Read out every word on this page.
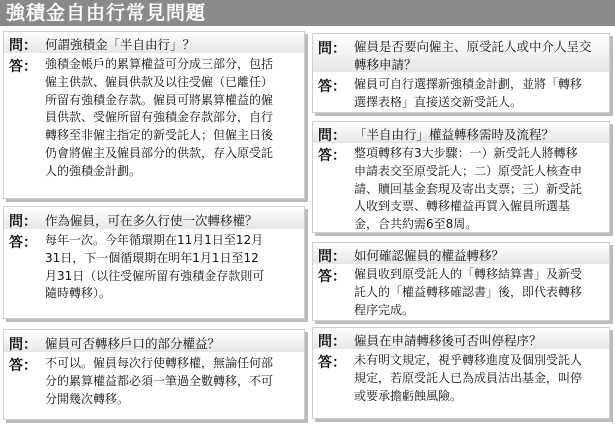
強積金自由行常見問題
問： 何謂強積金「半自由行」？
答： 強積金帳戶的累算權益可分成三部分，包括
僱主供款、僱員供款及以往受僱（已離任）
所留有強積金存款。僱員可將累算權益的僱
員供款、受僱所留有強積金存款部分，自行
轉移至非僱主指定的新受託人；但僱主日後
仍會將僱主及僱員部分的供款，存入原受託
人的強積金計劃。
問： 作為僱員，可在多久行使一次轉移權？
答： 每年一次。今年循環期在11月1日至12月
31日，下一個循環期在明年1月1日至12
月31日（以往受僱所留有強積金存款則可
隨時轉移）。
問： 僱員可否轉移戶口的部分權益？
答： 不可以。僱員每次行使轉移權，無論任何部
分的累算權益都必須一筆過全數轉移，不可
分開幾次轉移。
問： 僱員是否要向僱主、原受託人或中介人呈交
轉移申請？
答： 僱員可自行選擇新強積金計劃，並將「轉移
選擇表格」直接送交新受託人。
問： 「半自由行」權益轉移需時及流程？
答： 整項轉移有3大步驟：一）新受託人將轉移
申請表交至原受託人；二）原受託人核查申
請、贖回基金套現及寄出支票；三）新受託
人收到支票、轉移權益再買入僱員所選基
金，合共約需6至8周。
問： 如何確認僱員的權益轉移？
答： 僱員收到原受託人的「轉移結算書」及新受
託人的「權益轉移確認書」後，即代表轉移
程序完成。
問： 僱員在申請轉移後可否叫停程序？
答： 未有明文規定，視乎轉移進度及個別受託人
規定，若原受託人已為成員沽出基金，叫停
或要承擔虧蝕風險。
